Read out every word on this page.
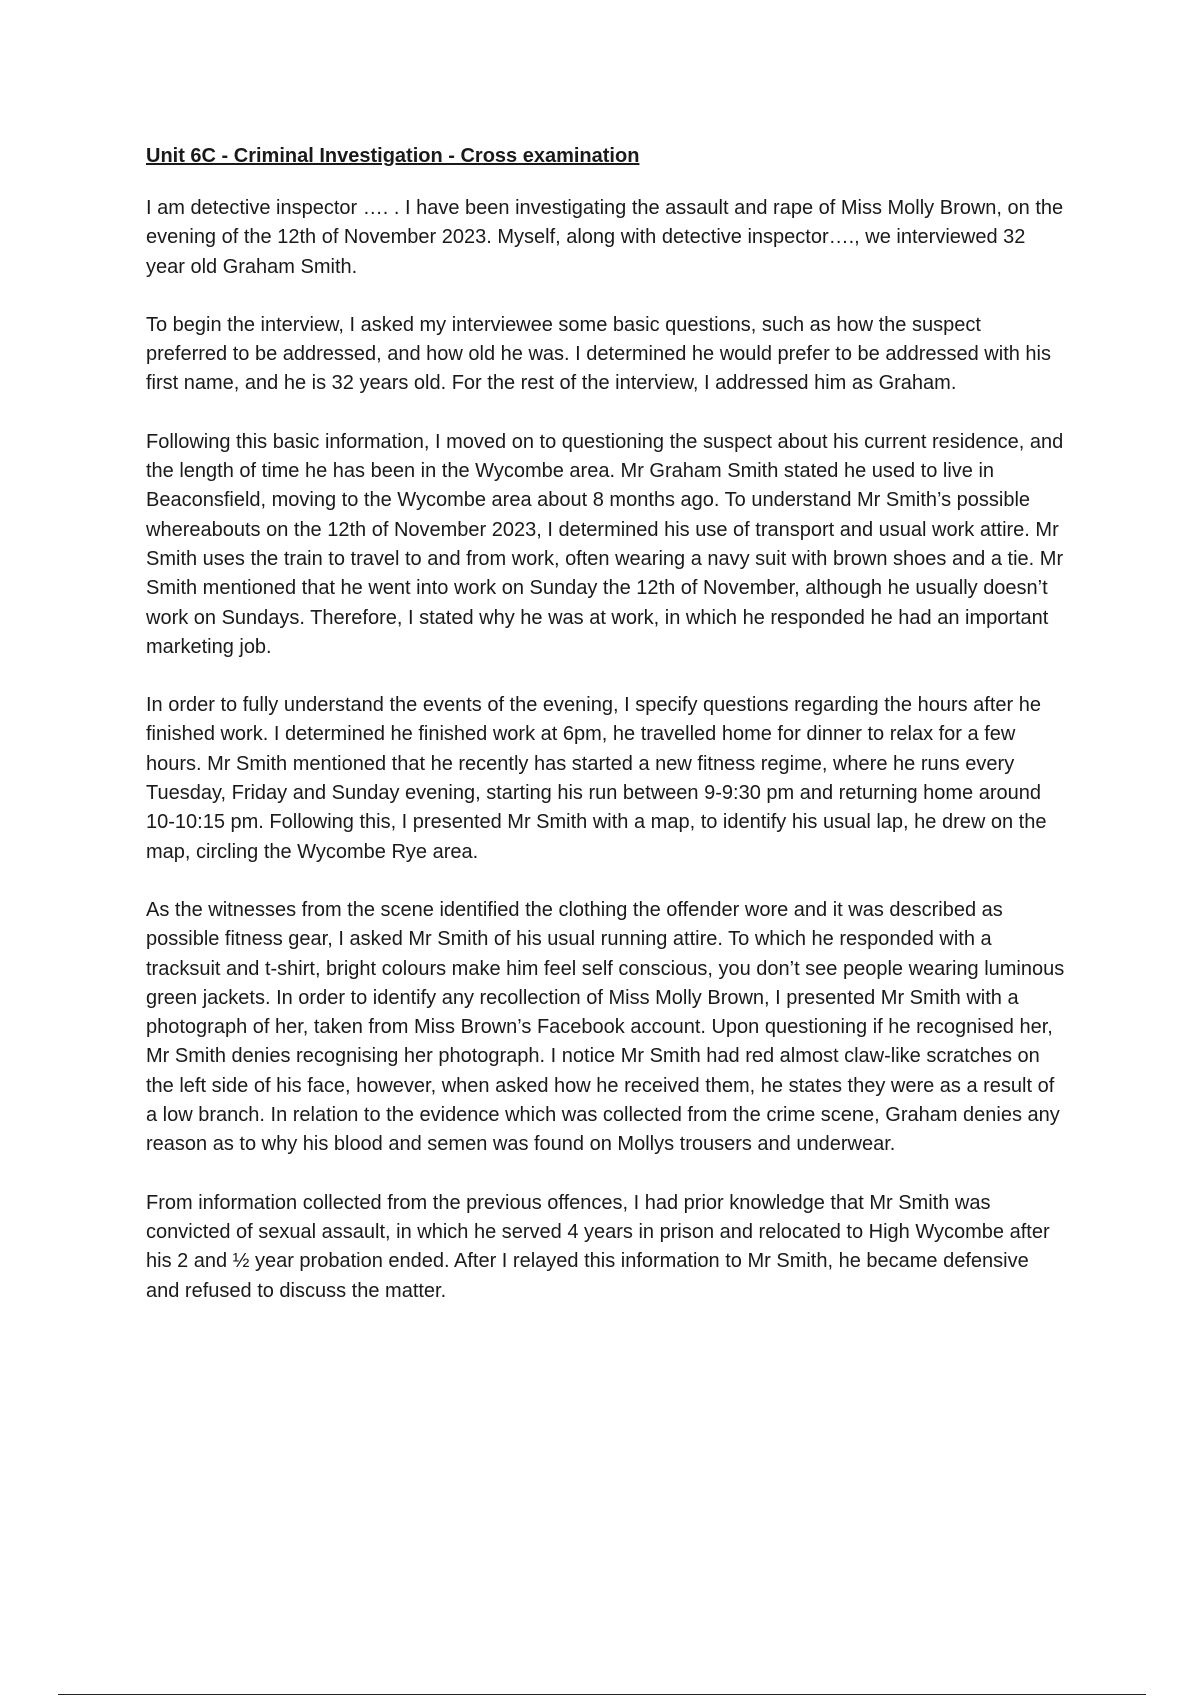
Unit 6C - Criminal Investigation - Cross examination

I am detective inspector …. . I have been investigating the assault and rape of Miss Molly Brown, on the evening of the 12th of November 2023. Myself, along with detective inspector…., we interviewed 32 year old Graham Smith.

To begin the interview, I asked my interviewee some basic questions, such as how the suspect preferred to be addressed, and how old he was. I determined he would prefer to be addressed with his first name, and he is 32 years old. For the rest of the interview, I addressed him as Graham.

Following this basic information, I moved on to questioning the suspect about his current residence, and the length of time he has been in the Wycombe area. Mr Graham Smith stated he used to live in Beaconsfield, moving to the Wycombe area about 8 months ago. To understand Mr Smith’s possible whereabouts on the 12th of November 2023, I determined his use of transport and usual work attire. Mr Smith uses the train to travel to and from work, often wearing a navy suit with brown shoes and a tie. Mr Smith mentioned that he went into work on Sunday the 12th of November, although he usually doesn’t work on Sundays. Therefore, I stated why he was at work, in which he responded he had an important marketing job.

In order to fully understand the events of the evening, I specify questions regarding the hours after he finished work. I determined he finished work at 6pm, he travelled home for dinner to relax for a few hours. Mr Smith mentioned that he recently has started a new fitness regime, where he runs every Tuesday, Friday and Sunday evening, starting his run between 9-9:30 pm and returning home around 10-10:15 pm. Following this, I presented Mr Smith with a map, to identify his usual lap, he drew on the map, circling the Wycombe Rye area.

As the witnesses from the scene identified the clothing the offender wore and it was described as possible fitness gear, I asked Mr Smith of his usual running attire. To which he responded with a tracksuit and t-shirt, bright colours make him feel self conscious, you don’t see people wearing luminous green jackets. In order to identify any recollection of Miss Molly Brown, I presented Mr Smith with a photograph of her, taken from Miss Brown’s Facebook account. Upon questioning if he recognised her, Mr Smith denies recognising her photograph. I notice Mr Smith had red almost claw-like scratches on the left side of his face, however, when asked how he received them, he states they were as a result of a low branch. In relation to the evidence which was collected from the crime scene, Graham denies any reason as to why his blood and semen was found on Mollys trousers and underwear.

From information collected from the previous offences, I had prior knowledge that Mr Smith was convicted of sexual assault, in which he served 4 years in prison and relocated to High Wycombe after his 2 and ½ year probation ended. After I relayed this information to Mr Smith, he became defensive and refused to discuss the matter.
